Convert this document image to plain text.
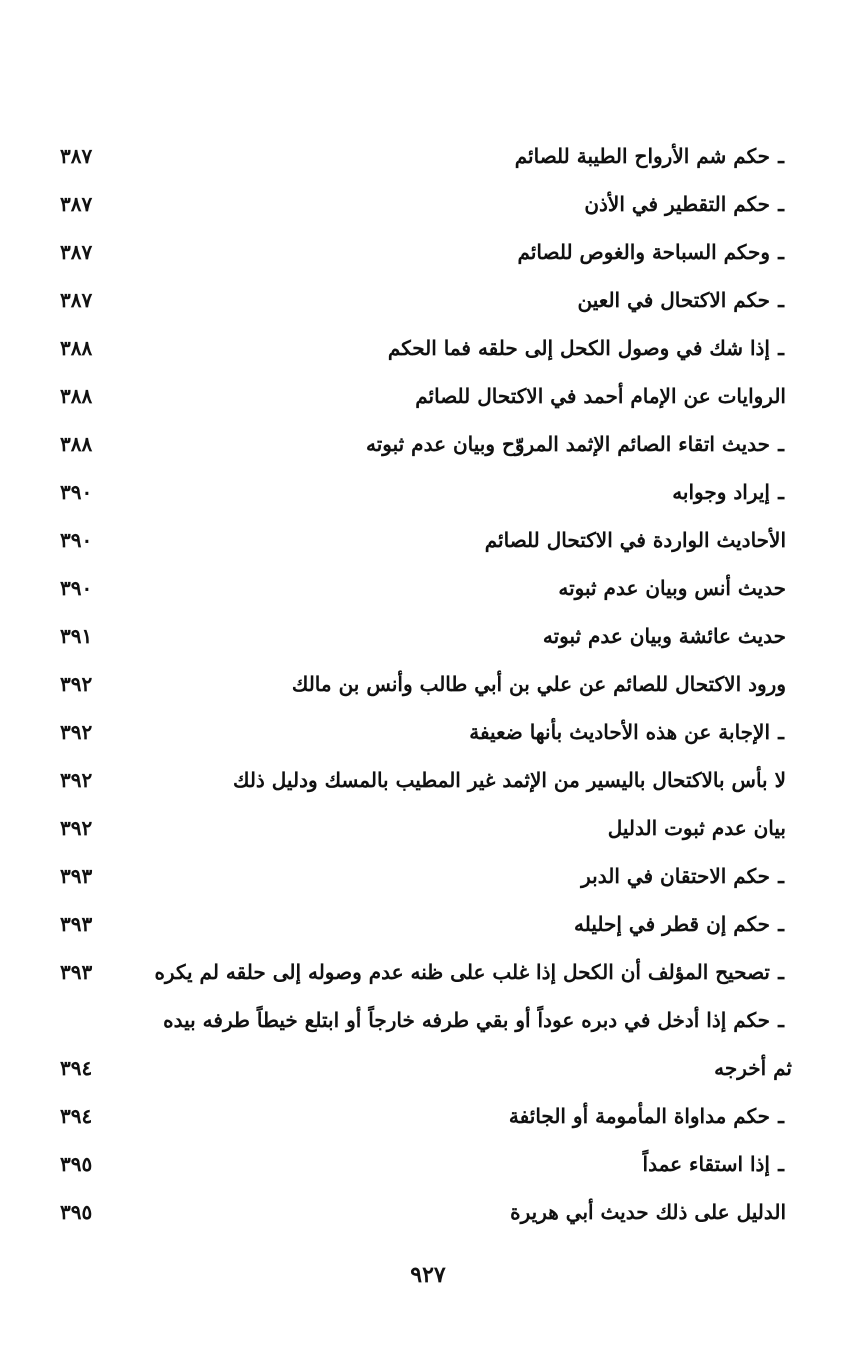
ـحكم شم الأرواح الطيبة للصائم
٣٨٧
ـحكم التقطير في الأذن
٣٨٧
ـوحكم السباحة والغوص للصائم
٣٨٧
ـحكم الاكتحال في العين
٣٨٧
ـإذا شك في وصول الكحل إلى حلقه فما الحكم
٣٨٨
الروايات عن الإمام أحمد في الاكتحال للصائم
٣٨٨
ـحديث اتقاء الصائم الإثمد المروّح وبيان عدم ثبوته
٣٨٨
ـإيراد وجوابه
٣٩٠
الأحاديث الواردة في الاكتحال للصائم
٣٩٠
حديث أنس وبيان عدم ثبوته
٣٩٠
حديث عائشة وبيان عدم ثبوته
٣٩١
ورود الاكتحال للصائم عن علي بن أبي طالب وأنس بن مالك
٣٩٢
ـالإجابة عن هذه الأحاديث بأنها ضعيفة
٣٩٢
لا بأس بالاكتحال باليسير من الإثمد غير المطيب بالمسك ودليل ذلك
٣٩٢
بيان عدم ثبوت الدليل
٣٩٢
ـحكم الاحتقان في الدبر
٣٩٣
ـحكم إن قطر في إحليله
٣٩٣
ـتصحيح المؤلف أن الكحل إذا غلب على ظنه عدم وصوله إلى حلقه لم يكره
٣٩٣
ـحكم إذا أدخل في دبره عوداً أو بقي طرفه خارجاً أو ابتلع خيطاً طرفه بيده ثم أخرجه
٣٩٤
ـحكم مداواة المأمومة أو الجائفة
٣٩٤
ـإذا استقاء عمداً
٣٩٥
الدليل على ذلك حديث أبي هريرة
٣٩٥
٩٢٧
